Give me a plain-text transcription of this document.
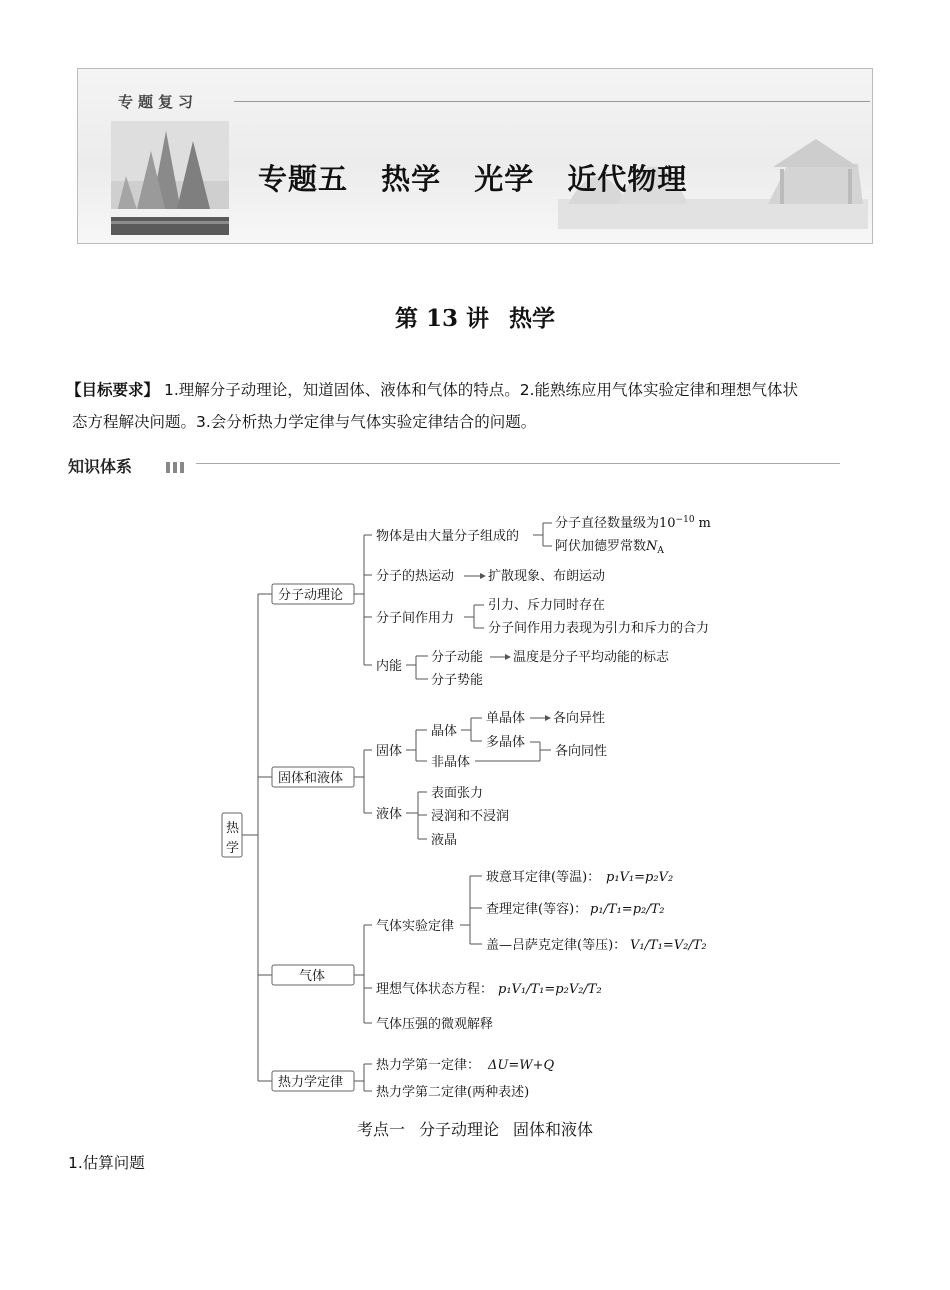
专题复习
专题五 热学 光学 近代物理
第 13 讲 热学
【目标要求】 1.理解分子动理论，知道固体、液体和气体的特点。2.能熟练应用气体实验定律和理想气体状
态方程解决问题。3.会分析热力学定律与气体实验定律结合的问题。
知识体系
热
学
分子动理论
物体是由大量分子组成的
分子直径数量级为$10^{-10}$ m
阿伏加德罗常数$N_A$
分子的热运动	扩散现象、布朗运动
分子间作用力
引力、斥力同时存在
分子间作用力表现为引力和斥力的合力
内能
分子动能 温度是分子平均动能的标志
分子势能
固体和液体
固体
晶体
单晶体 各向异性
多晶体
非晶体
各向同性
液体
表面张力
浸润和不浸润
液晶
气体
气体实验定律
玻意耳定律(等温)： p₁V₁=p₂V₂
查理定律(等容)： p₁/T₁=p₂/T₂
盖—吕萨克定律(等压)： V₁/T₁=V₂/T₂
理想气体状态方程： p₁V₁/T₁=p₂V₂/T₂
气体压强的微观解释
热力学定律
热力学第一定律： ΔU=W+Q
热力学第二定律(两种表述)
考点一 分子动理论 固体和液体
1.估算问题
